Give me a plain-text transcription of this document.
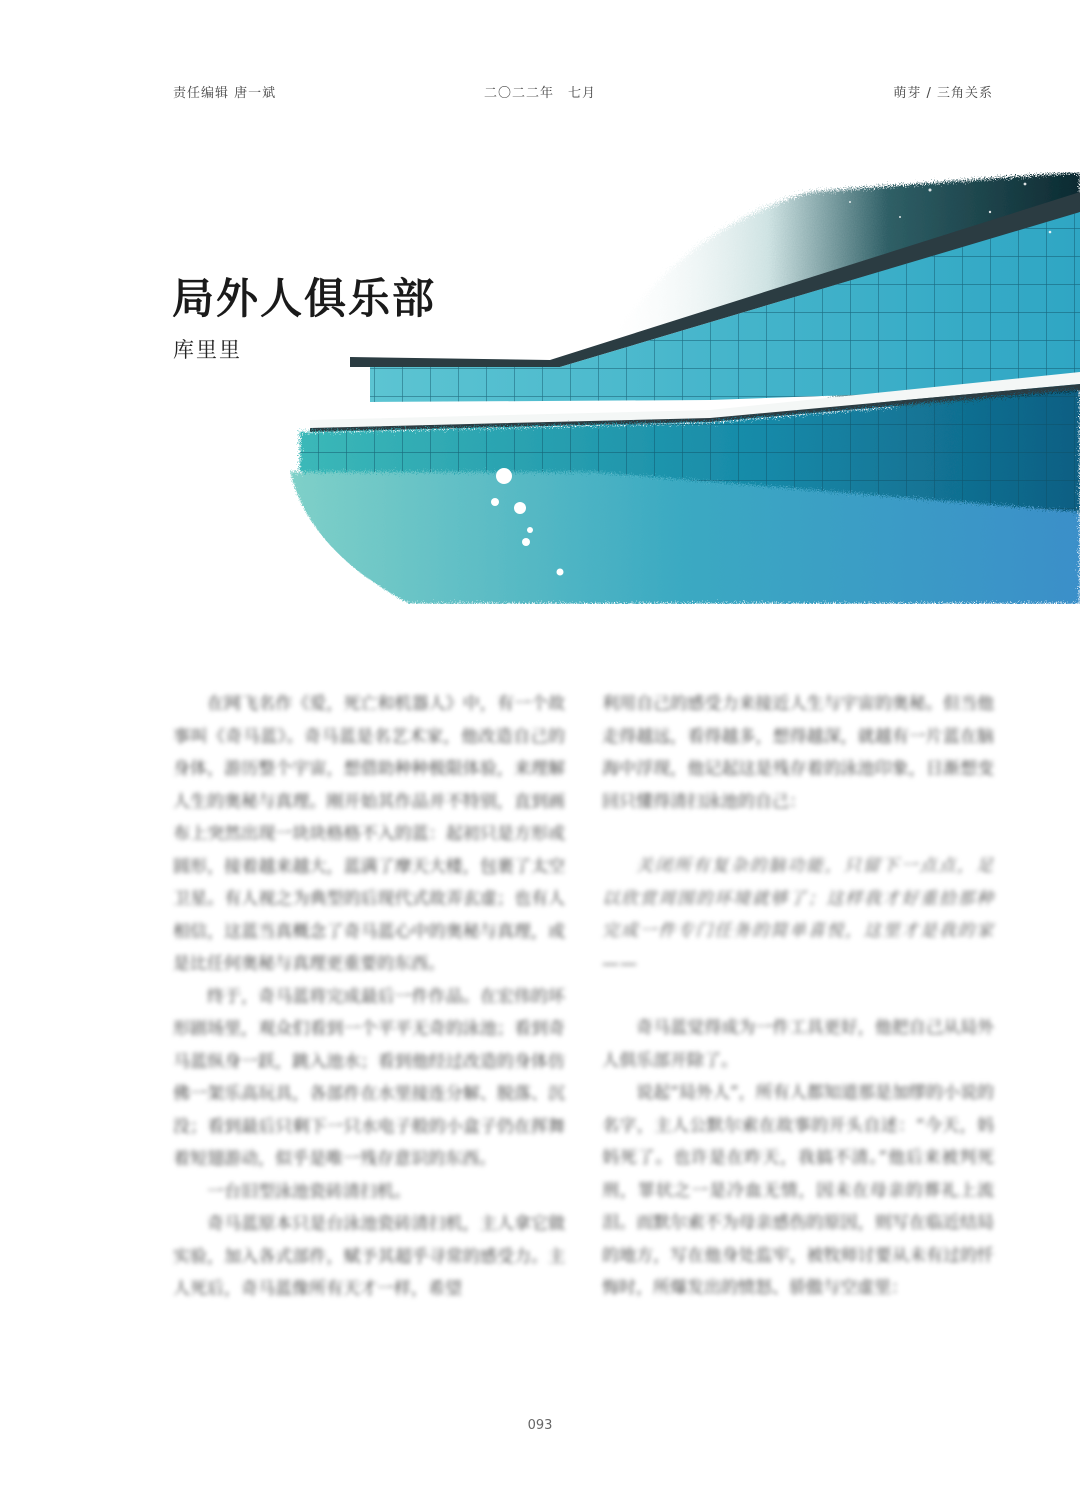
责任编辑 唐一斌	二〇二二年　七月	萌芽 / 三角关系
局外人俱乐部
库里里

在网飞名作《爱，死亡和机器人》中，有一个故事叫《奇马蓝》。奇马蓝是名艺术家，他改造自己的身体，游历整个宇宙，想借助种种极限体验，来理解人生的奥秘与真理。刚开始其作品并不特别，直到画布上突然出现一块块格格不入的蓝：起初只是方形或圆形，接着越来越大，蓝满了摩天大楼，包裹了太空卫星。有人视之为典型的后现代式故弄玄虚；也有人相信，这蓝当真概念了奇马蓝心中的奥秘与真理，或是比任何奥秘与真理更重要的东西。

终于，奇马蓝将完成最后一件作品。在宏伟的坏形剧场里，观众们看到一个平平无奇的泳池；看到奇马蓝纵身一跃，跳入池水；看到他经过改造的身体仿佛一架乐高玩具，各部件在水里接连分解、脱落、沉没；看到最后只剩下一只水电子般的小盒子仍在挥舞着短翅游动，似乎是唯一残存意识的东西。

一台旧型泳池瓷砖清扫机。

奇马蓝原本只是台泳池瓷砖清扫机，主人拿它做实验，加入各式部件，赋予其超乎寻常的感受力。主人死后，奇马蓝像所有天才一样，希望

利用自己的感受力来接近人生与宇宙的奥秘。但当他走得越远，看得越多，想得越深，就越有一片蓝在脑海中浮现，他记起这是残存着的泳池印象，日渐想变回只懂得清扫泳池的自己：

关闭所有复杂的脑功能，只留下一点点，足以欣赏周围的环境就够了；这样我才好重拾那种完成一件专门任务的简单喜悦，这里才是我的家——

奇马蓝觉得成为一件工具更好，他把自己从局外人俱乐部开除了。

说起“局外人”，所有人都知道那是加缪的小说的名字，主人公默尔索在故事的开头自述：“今天，妈妈死了。也许是在昨天，我搞不清。”他后来被判死刑，罪状之一是冷血无情，因未在母亲的葬礼上流泪。而默尔索不为母亲感伤的原因，则写在临近结局的地方，写在他身处监牢，被牧师讨要从未有过的忏悔时，所爆发出的愤怒、骄傲与空虚里：

093
